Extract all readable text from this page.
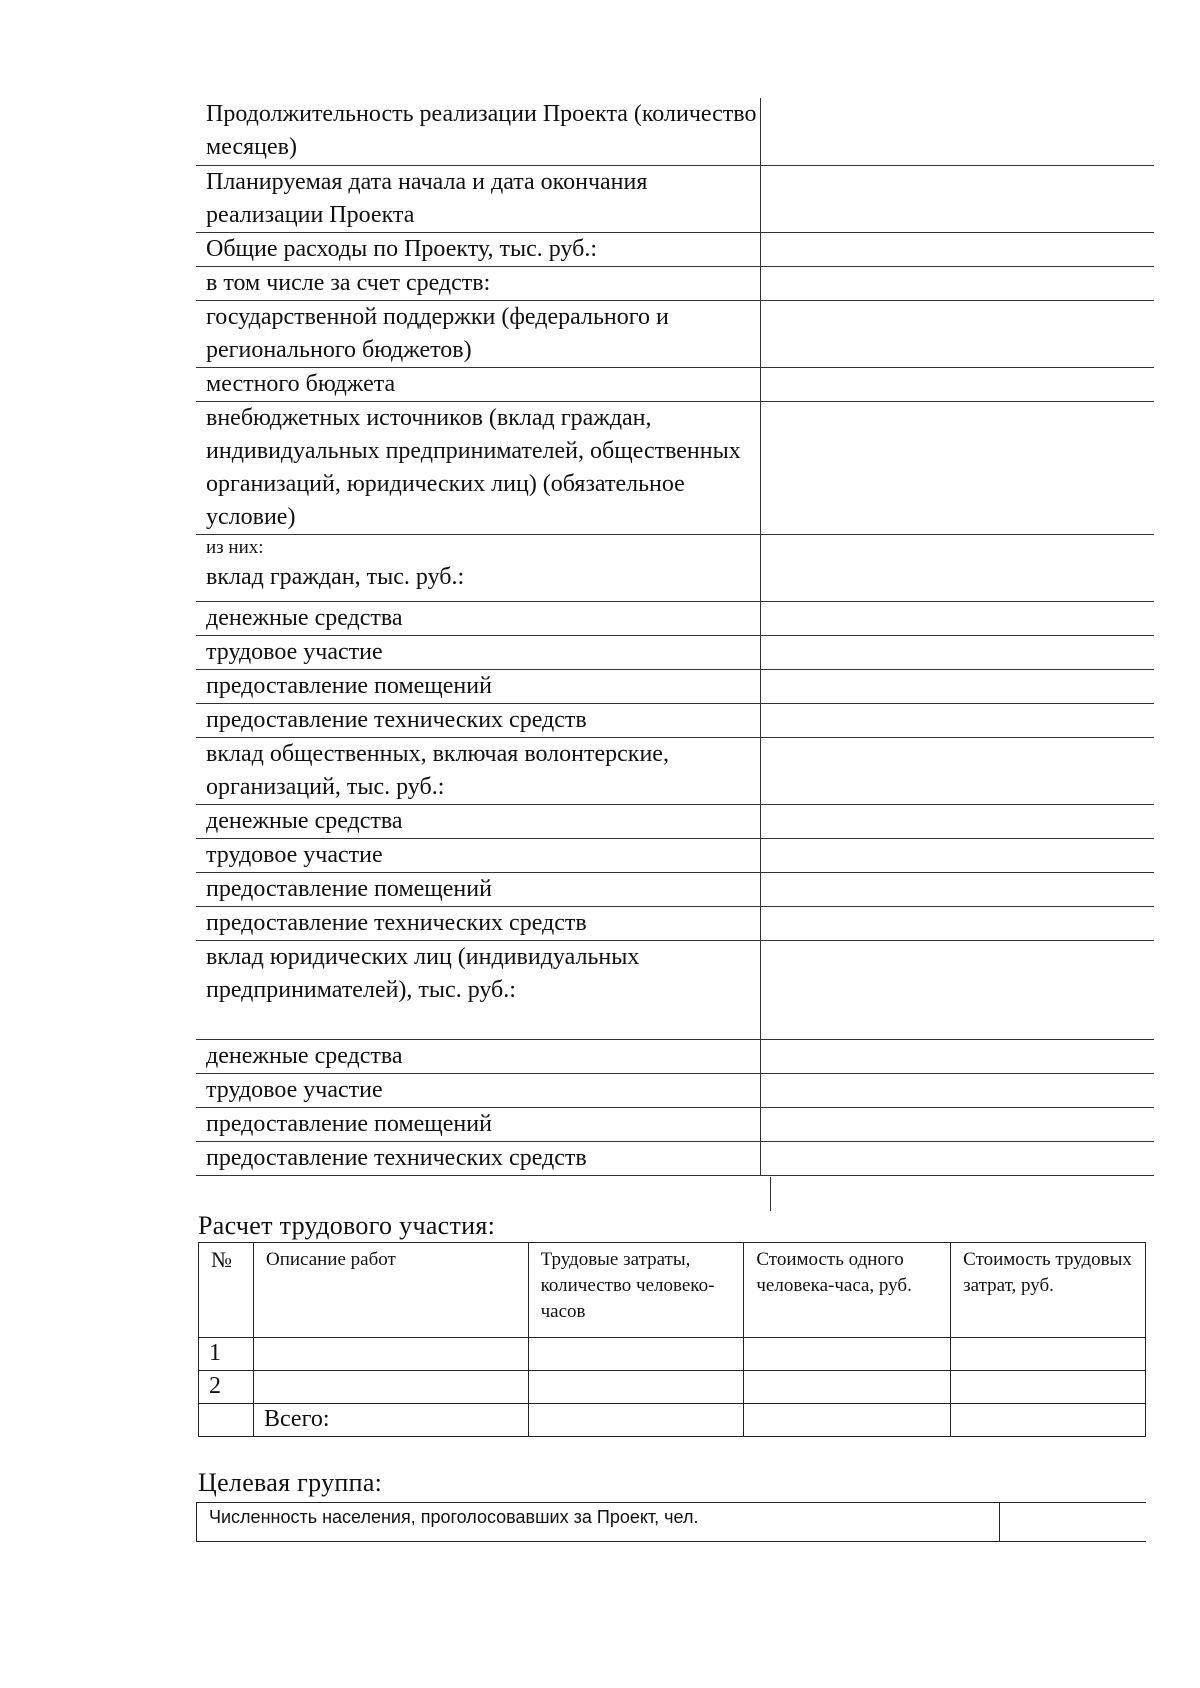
Продолжительность реализации Проекта (количество месяцев)	
Планируемая дата начала и дата окончания реализации Проекта	
Общие расходы по Проекту, тыс. руб.:	
в том числе за счет средств:	
государственной поддержки (федерального и регионального бюджетов)	
местного бюджета	
внебюджетных источников (вклад граждан, индивидуальных предпринимателей, общественных организаций, юридических лиц) (обязательное условие)	
из них:
вклад граждан, тыс. руб.:	

денежные средства	
трудовое участие	
предоставление помещений	
предоставление технических средств	
вклад общественных, включая волонтерские, организаций, тыс. руб.:	
денежные средства	
трудовое участие	
предоставление помещений	
предоставление технических средств	
вклад юридических лиц (индивидуальных предпринимателей), тыс. руб.:	
денежные средства	
трудовое участие	
предоставление помещений	
предоставление технических средств	
Расчет трудового участия:
№	Описание работ	Трудовые затраты, количество человеко-часов	Стоимость одного человека-часа, руб.	Стоимость трудовых затрат, руб.
1				
2				
	Всего:			
Целевая группа:
Численность населения, проголосовавших за Проект, чел.	
